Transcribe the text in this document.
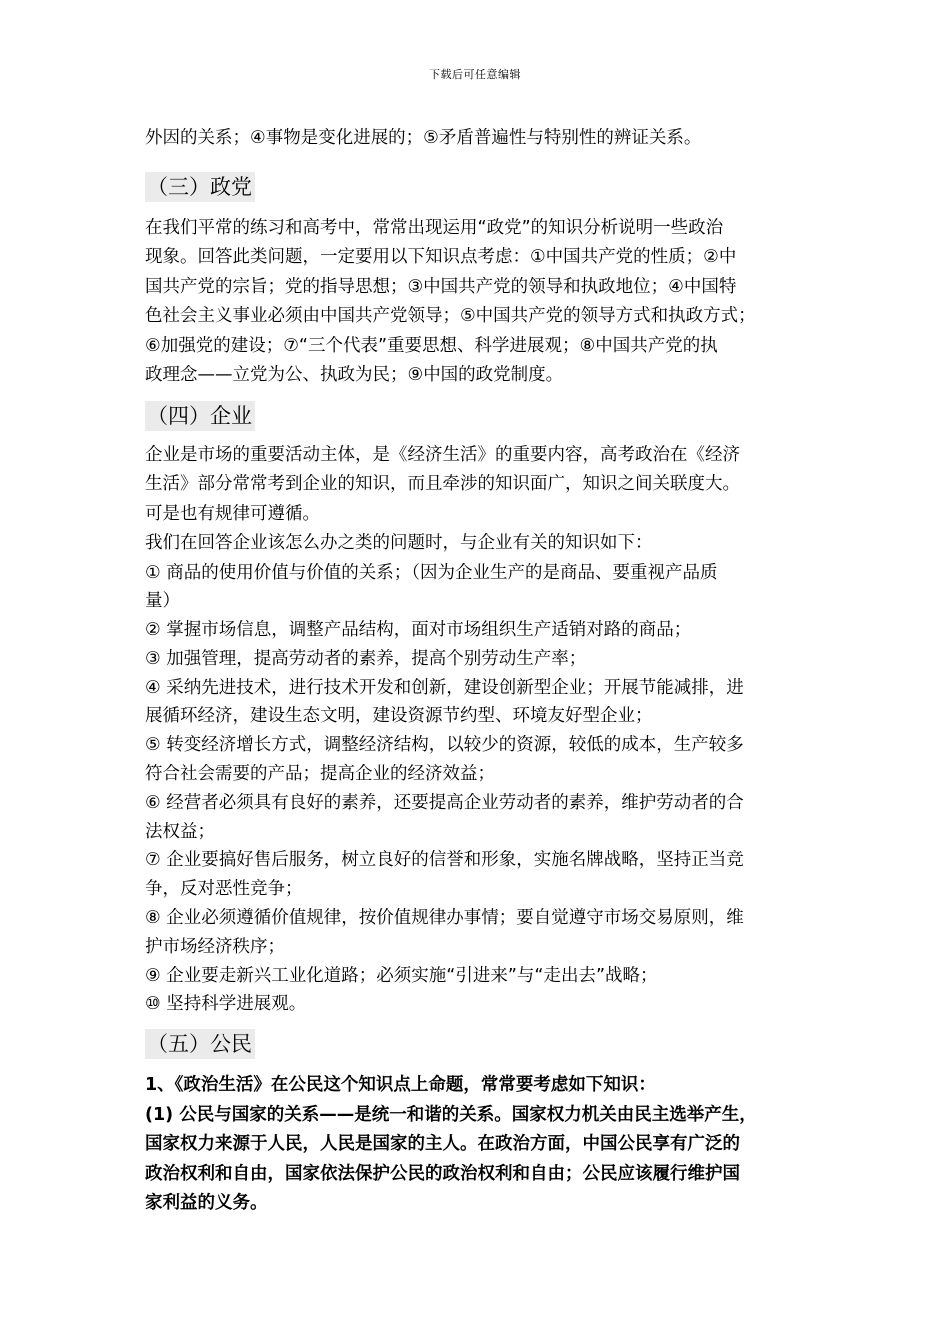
下载后可任意编辑

外因的关系；④事物是变化进展的；⑤矛盾普遍性与特别性的辨证关系。

（三）政党

在我们平常的练习和高考中，常常出现运用“政党”的知识分析说明一些政治

现象。回答此类问题，一定要用以下知识点考虑：①中国共产党的性质；②中

国共产党的宗旨；党的指导思想；③中国共产党的领导和执政地位；④中国特

色社会主义事业必须由中国共产党领导；⑤中国共产党的领导方式和执政方式；

⑥加强党的建设；⑦“三个代表”重要思想、科学进展观；⑧中国共产党的执

政理念——立党为公、执政为民；⑨中国的政党制度。

（四）企业

企业是市场的重要活动主体，是《经济生活》的重要内容，高考政治在《经济

生活》部分常常考到企业的知识，而且牵涉的知识面广，知识之间关联度大。

可是也有规律可遵循。

我们在回答企业该怎么办之类的问题时，与企业有关的知识如下：

① 商品的使用价值与价值的关系；（因为企业生产的是商品、要重视产品质

量）

② 掌握市场信息，调整产品结构，面对市场组织生产适销对路的商品；

③ 加强管理，提高劳动者的素养，提高个别劳动生产率；

④ 采纳先进技术，进行技术开发和创新，建设创新型企业；开展节能减排，进

展循环经济，建设生态文明，建设资源节约型、环境友好型企业；

⑤ 转变经济增长方式，调整经济结构，以较少的资源，较低的成本，生产较多

符合社会需要的产品；提高企业的经济效益；

⑥ 经营者必须具有良好的素养，还要提高企业劳动者的素养，维护劳动者的合

法权益；

⑦ 企业要搞好售后服务，树立良好的信誉和形象，实施名牌战略，坚持正当竞

争，反对恶性竞争；

⑧ 企业必须遵循价值规律，按价值规律办事情；要自觉遵守市场交易原则，维

护市场经济秩序；

⑨ 企业要走新兴工业化道路；必须实施“引进来”与“走出去”战略；

⑩ 坚持科学进展观。

（五）公民

1、《政治生活》在公民这个知识点上命题，常常要考虑如下知识：

(1) 公民与国家的关系——是统一和谐的关系。国家权力机关由民主选举产生，

国家权力来源于人民，人民是国家的主人。在政治方面，中国公民享有广泛的

政治权利和自由，国家依法保护公民的政治权利和自由；公民应该履行维护国

家利益的义务。
